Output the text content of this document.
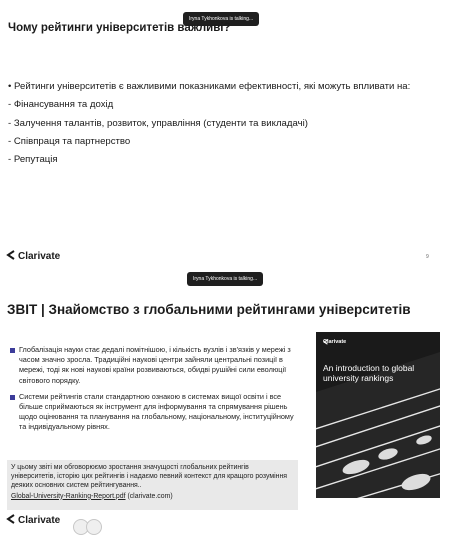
Iryna Tykhonkova is talking...
Чому рейтинги університетів важливі?
• Рейтинги університетів є важливими показниками ефективності, які можуть впливати на:
- Фінансування та дохід
- Залучення талантів, розвиток, управління (студенти та викладачі)
- Співпраця та партнерство
- Репутація
Clarivate	9
Iryna Tykhonkova is talking...
ЗВІТ | Знайомство з глобальними рейтингами університетів
Глобалізація науки стає дедалі помітнішою, і кількість вузлів і зв'язків у мережі з часом значно зросла. Традиційні наукові центри зайняли центральні позиції в мережі, тоді як нові наукові країни розвиваються, обидві рушійні сили еволюції світового порядку.
Системи рейтингів стали стандартною ознакою в системах вищої освіти і все більше сприймаються як інструмент для інформування та спрямування рішень щодо оцінювання та планування на глобальному, національному, інституційному та індивідуальному рівнях.
У цьому звіті ми обговорюємо зростання значущості глобальних рейтингів університетів, історію цих рейтингів і надаємо певний контекст для кращого розуміння деяких основних систем рейтингування..
Global-University-Ranking-Report.pdf (clarivate.com)
Clarivate
An introduction to global university rankings
Clarivate
